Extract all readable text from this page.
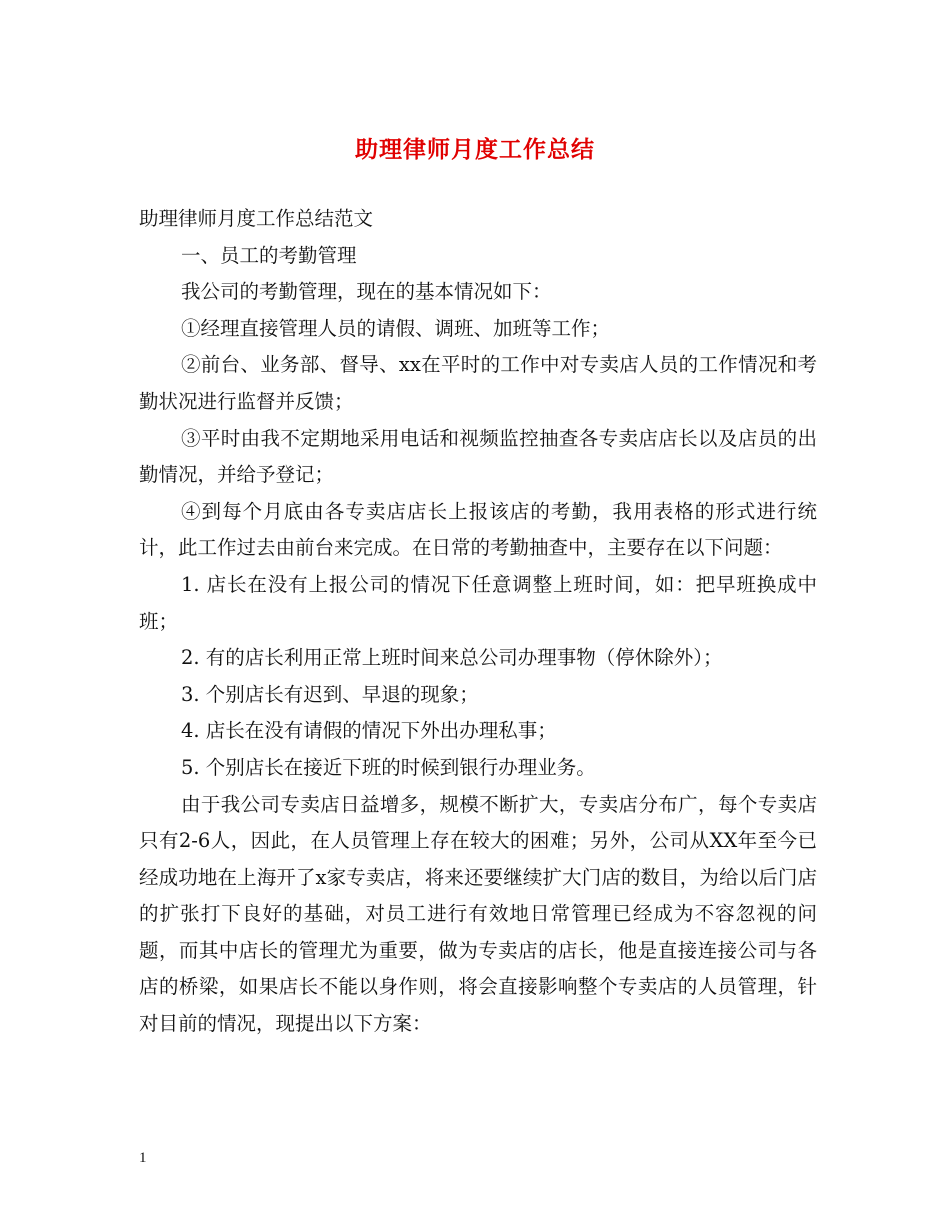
助理律师月度工作总结

助理律师月度工作总结范文

一、员工的考勤管理

我公司的考勤管理，现在的基本情况如下：

①经理直接管理人员的请假、调班、加班等工作；

②前台、业务部、督导、xx在平时的工作中对专卖店人员的工作情况和考勤状况进行监督并反馈；

③平时由我不定期地采用电话和视频监控抽查各专卖店店长以及店员的出勤情况，并给予登记；

④到每个月底由各专卖店店长上报该店的考勤，我用表格的形式进行统计，此工作过去由前台来完成。在日常的考勤抽查中，主要存在以下问题：

1. 店长在没有上报公司的情况下任意调整上班时间，如：把早班换成中班；

2. 有的店长利用正常上班时间来总公司办理事物（停休除外）；

3. 个别店长有迟到、早退的现象；

4. 店长在没有请假的情况下外出办理私事；

5. 个别店长在接近下班的时候到银行办理业务。

由于我公司专卖店日益增多，规模不断扩大，专卖店分布广，每个专卖店只有2-6人，因此，在人员管理上存在较大的困难；另外，公司从XX年至今已经成功地在上海开了x家专卖店，将来还要继续扩大门店的数目，为给以后门店的扩张打下良好的基础，对员工进行有效地日常管理已经成为不容忽视的问题，而其中店长的管理尤为重要，做为专卖店的店长，他是直接连接公司与各店的桥梁，如果店长不能以身作则，将会直接影响整个专卖店的人员管理，针对目前的情况，现提出以下方案：

1
